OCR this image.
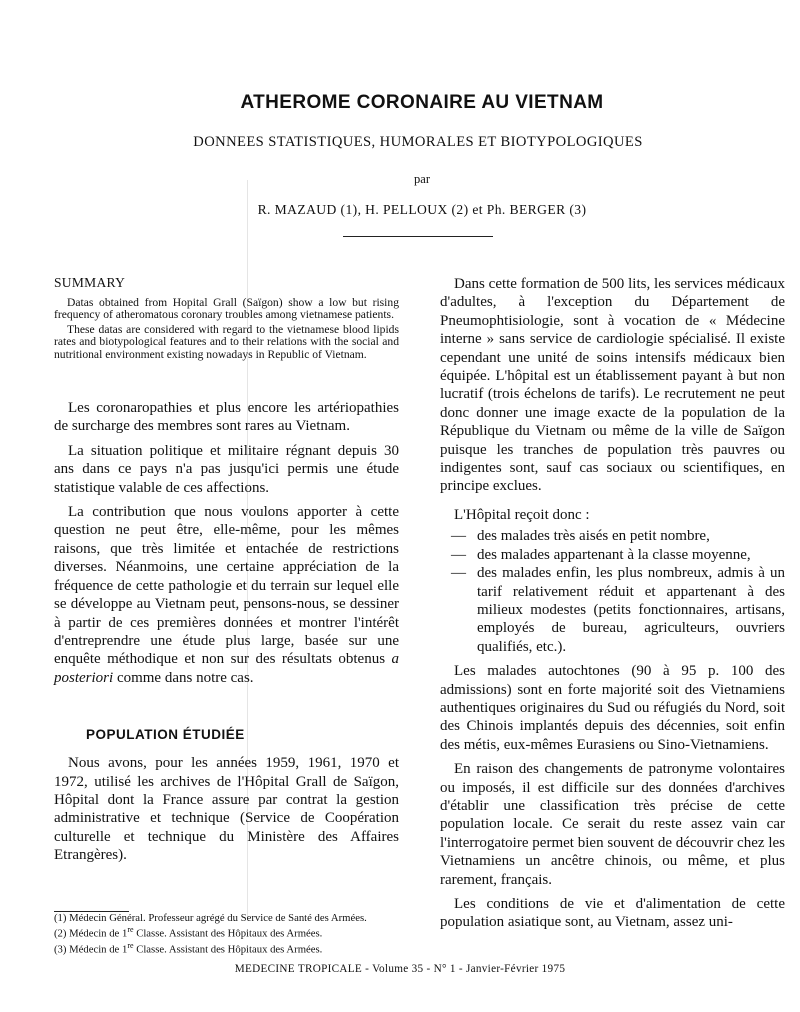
ATHEROME CORONAIRE AU VIETNAM
DONNEES STATISTIQUES, HUMORALES ET BIOTYPOLOGIQUES
par
R. MAZAUD (1), H. PELLOUX (2) et Ph. BERGER (3)

SUMMARY

Datas obtained from Hopital Grall (Saïgon) show a low but rising frequency of atheromatous coronary troubles among vietnamese patients.

These datas are considered with regard to the vietnamese blood lipids rates and biotypological features and to their relations with the social and nutritional environment existing nowadays in Republic of Vietnam.

Les coronaropathies et plus encore les artériopathies de surcharge des membres sont rares au Vietnam.

La situation politique et militaire régnant depuis 30 ans dans ce pays n'a pas jusqu'ici permis une étude statistique valable de ces affections.

La contribution que nous voulons apporter à cette question ne peut être, elle-même, pour les mêmes raisons, que très limitée et entachée de restrictions diverses. Néanmoins, une certaine appréciation de la fréquence de cette pathologie et du terrain sur lequel elle se développe au Vietnam peut, pensons-nous, se dessiner à partir de ces premières données et montrer l'intérêt d'entreprendre une étude plus large, basée sur une enquête méthodique et non sur des résultats obtenus a posteriori comme dans notre cas.

POPULATION ÉTUDIÉE

Nous avons, pour les années 1959, 1961, 1970 et 1972, utilisé les archives de l'Hôpital Grall de Saïgon, Hôpital dont la France assure par contrat la gestion administrative et technique (Service de Coopération culturelle et technique du Ministère des Affaires Etrangères).

Dans cette formation de 500 lits, les services médicaux d'adultes, à l'exception du Département de Pneumophtisiologie, sont à vocation de « Médecine interne » sans service de cardiologie spécialisé. Il existe cependant une unité de soins intensifs médicaux bien équipée. L'hôpital est un établissement payant à but non lucratif (trois échelons de tarifs). Le recrutement ne peut donc donner une image exacte de la population de la République du Vietnam ou même de la ville de Saïgon puisque les tranches de population très pauvres ou indigentes sont, sauf cas sociaux ou scientifiques, en principe exclues.

L'Hôpital reçoit donc :

— des malades très aisés en petit nombre,
— des malades appartenant à la classe moyenne,
— des malades enfin, les plus nombreux, admis à un tarif relativement réduit et appartenant à des milieux modestes (petits fonctionnaires, artisans, employés de bureau, agriculteurs, ouvriers qualifiés, etc.).

Les malades autochtones (90 à 95 p. 100 des admissions) sont en forte majorité soit des Vietnamiens authentiques originaires du Sud ou réfugiés du Nord, soit des Chinois implantés depuis des décennies, soit enfin des métis, eux-mêmes Eurasiens ou Sino-Vietnamiens.

En raison des changements de patronyme volontaires ou imposés, il est difficile sur des données d'archives d'établir une classification très précise de cette population locale. Ce serait du reste assez vain car l'interrogatoire permet bien souvent de découvrir chez les Vietnamiens un ancêtre chinois, ou même, et plus rarement, français.

Les conditions de vie et d'alimentation de cette population asiatique sont, au Vietnam, assez uni-

(1) Médecin Général. Professeur agrégé du Service de Santé des Armées.
(2) Médecin de 1re Classe. Assistant des Hôpitaux des Armées.
(3) Médecin de 1re Classe. Assistant des Hôpitaux des Armées.
MEDECINE TROPICALE - Volume 35 - N° 1 - Janvier-Février 1975
